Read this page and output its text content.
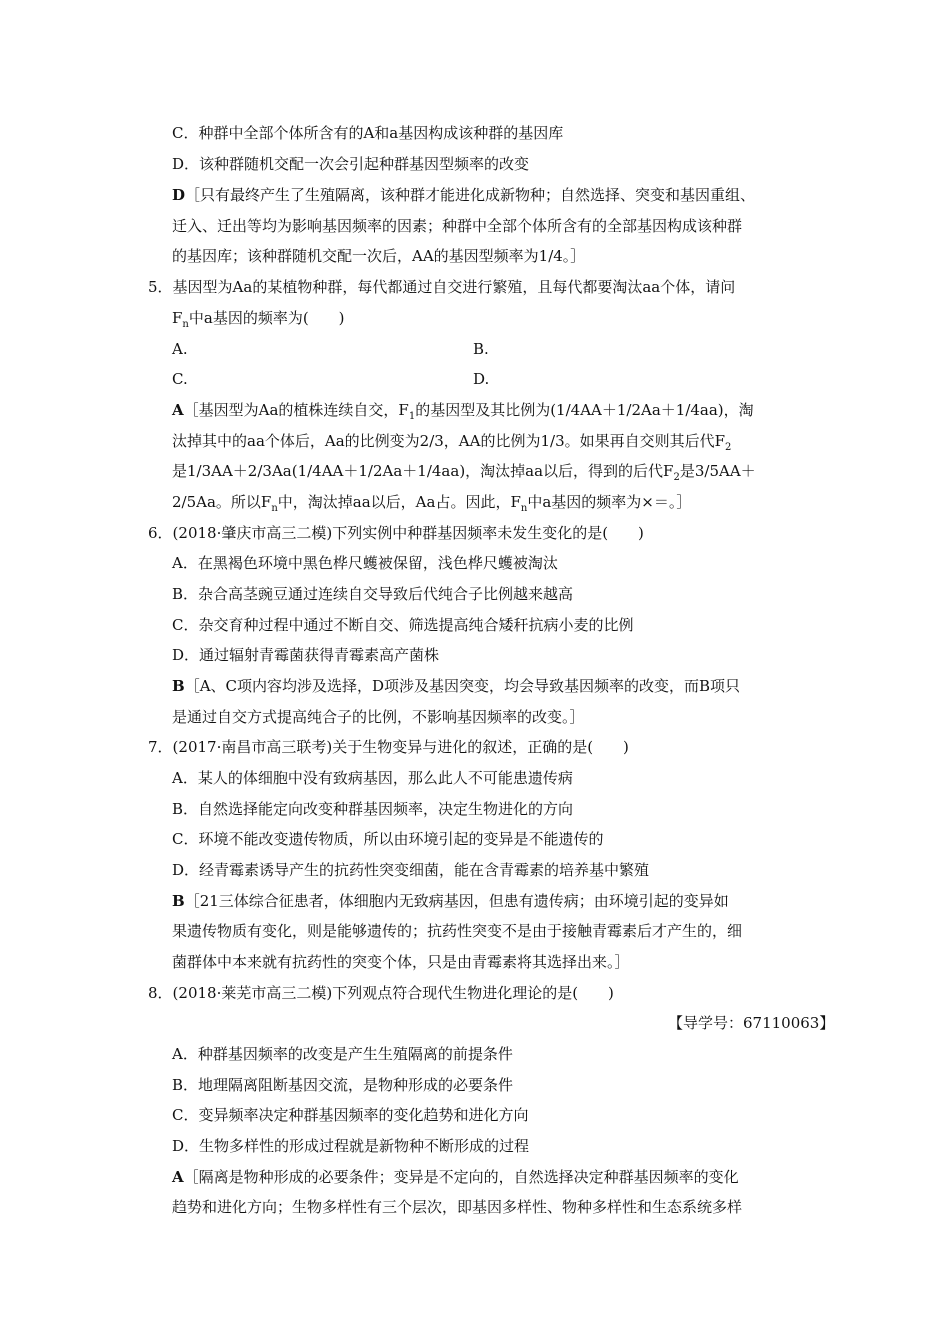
C．种群中全部个体所含有的A和a基因构成该种群的基因库
D．该种群随机交配一次会引起种群基因型频率的改变
D［只有最终产生了生殖隔离，该种群才能进化成新物种；自然选择、突变和基因重组、
迁入、迁出等均为影响基因频率的因素；种群中全部个体所含有的全部基因构成该种群
的基因库；该种群随机交配一次后，AA的基因型频率为1/4。］
5．基因型为Aa的某植物种群，每代都通过自交进行繁殖，且每代都要淘汰aa个体，请问
$F_n$中a基因的频率为(　　)
A.	B.
C.	D.
A［基因型为Aa的植株连续自交，$F_1$的基因型及其比例为(1/4AA＋1/2Aa＋1/4aa)，淘
汰掉其中的aa个体后，Aa的比例变为2/3，AA的比例为1/3。如果再自交则其后代$F_2$
是1/3AA＋2/3Aa(1/4AA＋1/2Aa＋1/4aa)，淘汰掉aa以后，得到的后代$F_2$是3/5AA＋
2/5Aa。所以$F_n$中，淘汰掉aa以后，Aa占。因此，$F_n$中a基因的频率为×＝。］
6．(2018·肇庆市高三二模)下列实例中种群基因频率未发生变化的是(　　)
A．在黑褐色环境中黑色桦尺蠖被保留，浅色桦尺蠖被淘汰
B．杂合高茎豌豆通过连续自交导致后代纯合子比例越来越高
C．杂交育种过程中通过不断自交、筛选提高纯合矮秆抗病小麦的比例
D．通过辐射青霉菌获得青霉素高产菌株
B［A、C项内容均涉及选择，D项涉及基因突变，均会导致基因频率的改变，而B项只
是通过自交方式提高纯合子的比例，不影响基因频率的改变。］
7．(2017·南昌市高三联考)关于生物变异与进化的叙述，正确的是(　　)
A．某人的体细胞中没有致病基因，那么此人不可能患遗传病
B．自然选择能定向改变种群基因频率，决定生物进化的方向
C．环境不能改变遗传物质，所以由环境引起的变异是不能遗传的
D．经青霉素诱导产生的抗药性突变细菌，能在含青霉素的培养基中繁殖
B［21三体综合征患者，体细胞内无致病基因，但患有遗传病；由环境引起的变异如
果遗传物质有变化，则是能够遗传的；抗药性突变不是由于接触青霉素后才产生的，细
菌群体中本来就有抗药性的突变个体，只是由青霉素将其选择出来。］
8．(2018·莱芜市高三二模)下列观点符合现代生物进化理论的是(　　)
【导学号：67110063】
A．种群基因频率的改变是产生生殖隔离的前提条件
B．地理隔离阻断基因交流，是物种形成的必要条件
C．变异频率决定种群基因频率的变化趋势和进化方向
D．生物多样性的形成过程就是新物种不断形成的过程
A［隔离是物种形成的必要条件；变异是不定向的，自然选择决定种群基因频率的变化
趋势和进化方向；生物多样性有三个层次，即基因多样性、物种多样性和生态系统多样
